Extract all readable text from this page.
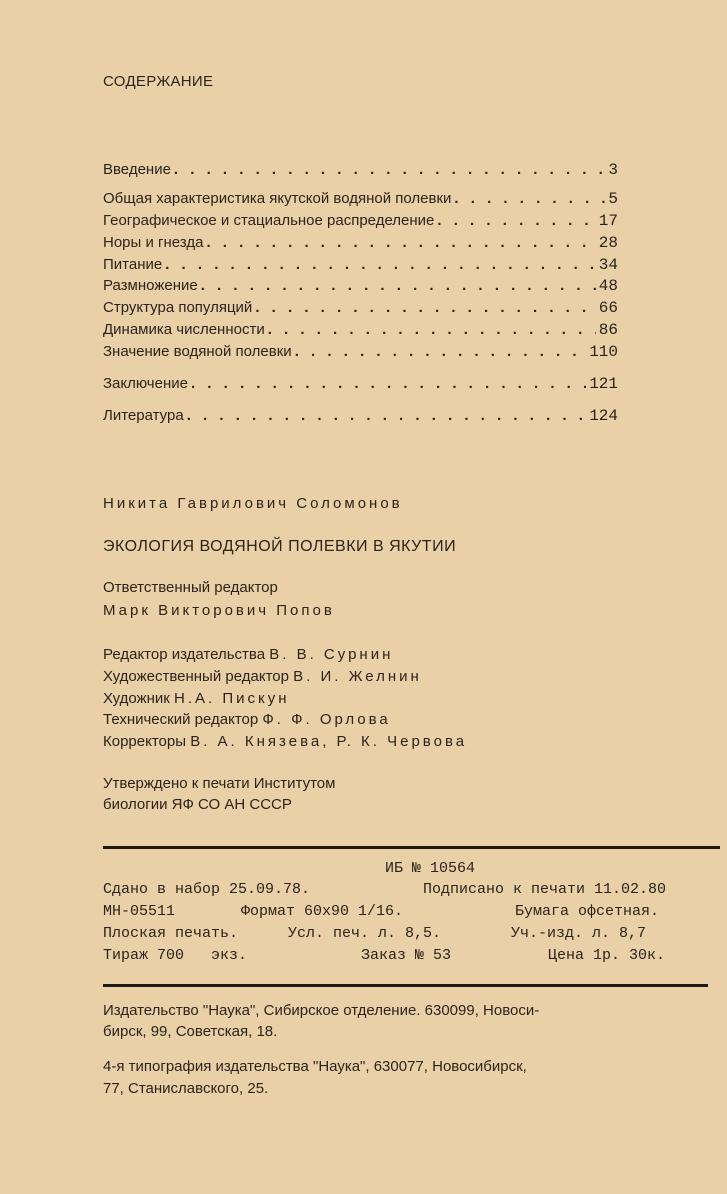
СОДЕРЖАНИЕ
Введение . . .	3
Общая характеристика якутской водяной полевки . . .	5
Географическое и стациальное распределение . . .	17
Норы и гнезда . . .	28
Питание . . .	34
Размножение . . .	48
Структура популяций . . .	66
Динамика численности . . .	86
Значение водяной полевки . . .	110
Заключение . . .	121
Литература . . .	124
Никита Гаврилович Соломонов
ЭКОЛОГИЯ ВОДЯНОЙ ПОЛЕВКИ В ЯКУТИИ
Ответственный редактор
Марк Викторович Попов
Редактор издательства В. В. Сурнин
Художественный редактор В. И. Желнин
Художник Н.А. Пискун
Технический редактор Ф. Ф. Орлова
Корректоры В. А. Князева, Р. К. Червова
Утверждено к печати Институтом
биологии ЯФ СО АН СССР
ИБ № 10564
Сдано в набор 25.09.78.	Подписано к печати 11.02.80
МН-05511	Формат 60х90 1/16.	Бумага офсетная.
Плоская печать.	Усл. печ. л. 8,5.	Уч.-изд. л. 8,7
Тираж 700   экз.	Заказ № 53	Цена 1р. 30к.
Издательство "Наука", Сибирское отделение. 630099, Новоси-
бирск, 99, Советская, 18.
4-я типография издательства "Наука", 630077, Новосибирск,
77, Станиславского, 25.
